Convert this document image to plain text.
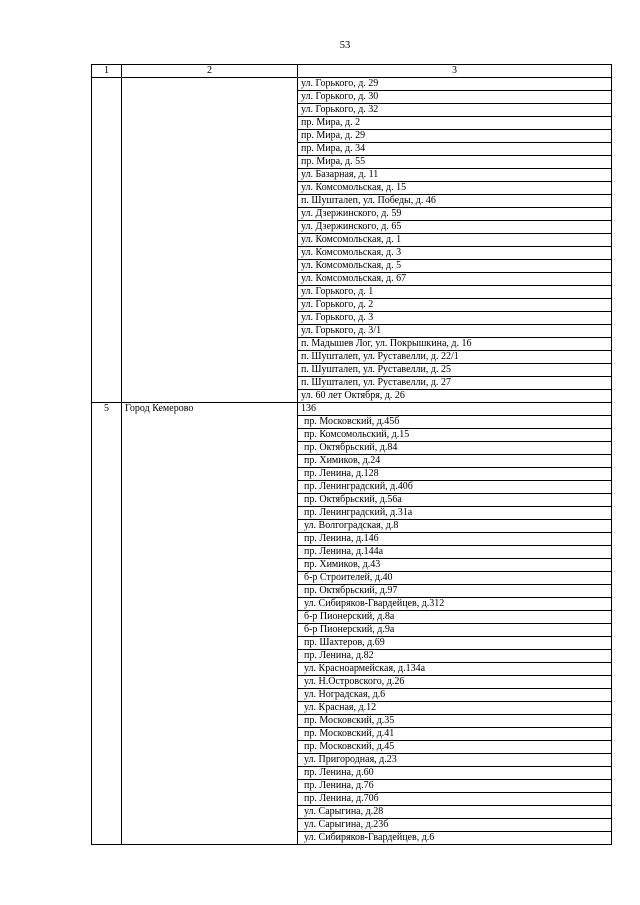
53
1	2	3
		ул. Горького, д. 29
		ул. Горького, д. 30
		ул. Горького, д. 32
		пр. Мира, д. 2
		пр. Мира, д. 29
		пр. Мира, д. 34
		пр. Мира, д. 55
		ул. Базарная, д. 11
		ул. Комсомольская, д. 15
		п. Шушталеп, ул. Победы, д. 46
		ул. Дзержинского, д. 59
		ул. Дзержинского, д. 65
		ул. Комсомольская, д. 1
		ул. Комсомольская, д. 3
		ул. Комсомольская, д. 5
		ул. Комсомольская, д. 67
		ул. Горького, д. 1
		ул. Горького, д. 2
		ул. Горького, д. 3
		ул. Горького, д. 3/1
		п. Мадышев Лог, ул. Покрышкина, д. 16
		п. Шушталеп, ул. Руставелли, д. 22/1
		п. Шушталеп, ул. Руставелли, д. 25
		п. Шушталеп, ул. Руставелли, д. 27
		ул. 60 лет Октября, д. 26
5	Город Кемерово	136
		пр. Московский, д.45б
		пр. Комсомольский, д.15
		пр. Октябрьский, д.84
		пр. Химиков, д.24
		пр. Ленина, д.128
		пр. Ленинградский, д.40б
		пр. Октябрьский, д.56а
		пр. Ленинградский, д.31а
		ул. Волгоградская, д.8
		пр. Ленина, д.146
		пр. Ленина, д.144а
		пр. Химиков, д.43
		б-р Строителей, д.40
		пр. Октябрьский, д.97
		ул. Сибиряков-Гвардейцев, д.312
		б-р Пионерский, д.8а
		б-р Пионерский, д.9а
		пр. Шахтеров, д.69
		пр. Ленина, д.82
		ул. Красноармейская, д.134а
		ул. Н.Островского, д.26
		ул. Ноградская, д.6
		ул. Красная, д.12
		пр. Московский, д.35
		пр. Московский, д.41
		пр. Московский, д.45
		ул. Пригородная, д.23
		пр. Ленина, д.60
		пр. Ленина, д.76
		пр. Ленина, д.70б
		ул. Сарыгина, д.28
		ул. Сарыгина, д.23б
		ул. Сибиряков-Гвардейцев, д.6
